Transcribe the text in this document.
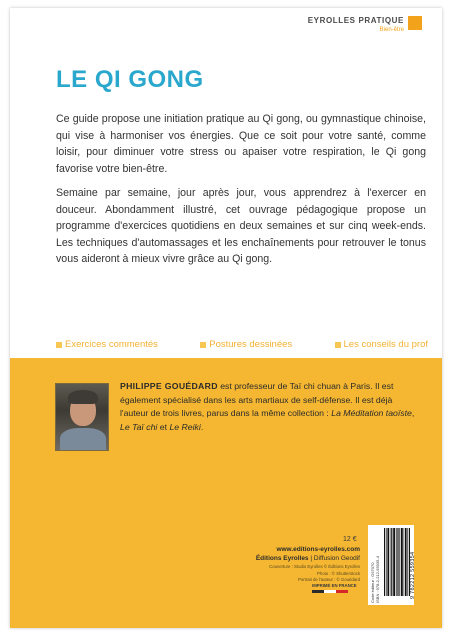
EYROLLES PRATIQUE
Bien-être
LE QI GONG

Ce guide propose une initiation pratique au Qi gong, ou gymnastique chinoise, qui vise à harmoniser vos énergies. Que ce soit pour votre santé, comme loisir, pour diminuer votre stress ou apaiser votre respiration, le Qi gong favorise votre bien-être.

Semaine par semaine, jour après jour, vous apprendrez à l'exercer en douceur. Abondamment illustré, cet ouvrage pédagogique propose un programme d'exercices quotidiens en deux semaines et sur cinq week-ends. Les techniques d'automassages et les enchaînements pour retrouver le tonus vous aideront à mieux vivre grâce au Qi gong.

Exercices commentés	Postures dessinées	Les conseils du prof

PHILIPPE GOUÉDARD est professeur de Taï chi chuan à Paris. Il est également spécialisé dans les arts martiaux de self-défense. Il est déjà l'auteur de trois livres, parus dans la même collection : La Méditation taoïste, Le Taï chi et Le Reiki.

12 €
www.editions-eyrolles.com
Éditions Eyrolles | Diffusion Geodif
Couverture : Studio Eyrolles © Éditions Eyrolles
Photo : © Shutterstock
Portrait de l'auteur : © Gouédard
IMPRIMÉ EN FRANCE	Code éditeur : G57070 ISBN : 978-2-212-55935-4	9 782212 559354
